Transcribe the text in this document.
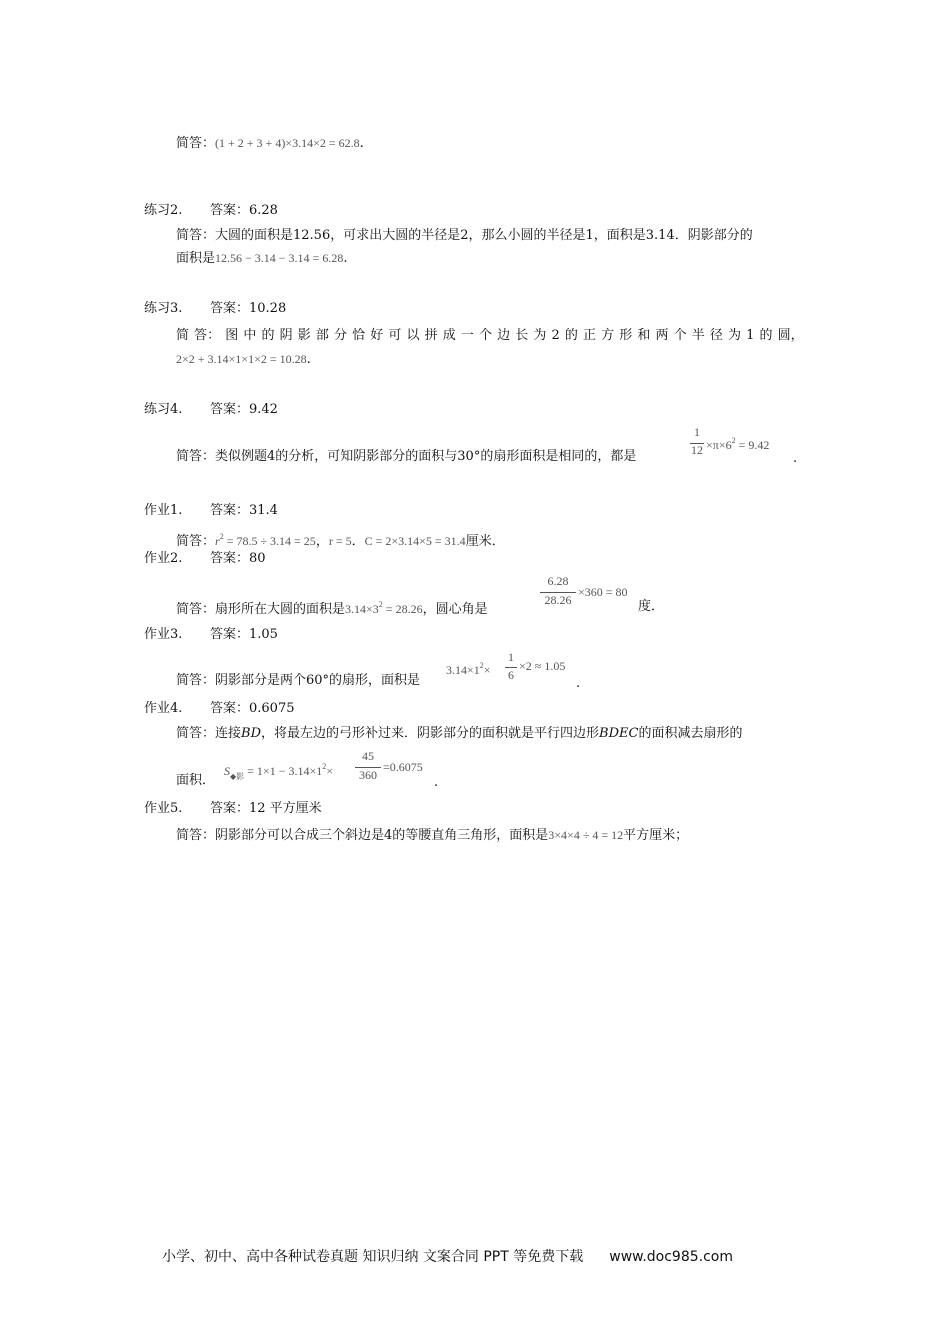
简答：(1 + 2 + 3 + 4)×3.14×2 = 62.8.
练习2. 答案：6.28
简答：大圆的面积是12.56，可求出大圆的半径是2，那么小圆的半径是1，面积是3.14．阴影部分的
面积是12.56 − 3.14 − 3.14 = 6.28.
练习3. 答案：10.28
简 答： 图 中 的 阴 影 部 分 恰 好 可 以 拼 成 一 个 边 长 为 2 的 正 方 形 和 两 个 半 径 为 1 的 圆，
2×2 + 3.14×1×1×2 = 10.28.
练习4. 答案：9.42
简答：类似例题4的分析，可知阴影部分的面积与30°的扇形面积是相同的，都是
1
$12 \times\pi\times 6^2 = 9.42$
.
作业1. 答案：31.4
简答：$r^2 = 78.5 \div 3.14 = 25$，r = 5．C = 2×3.14×5 = 31.4厘米．
作业2. 答案：80
简答：扇形所在大圆的面积是$3.14\times 3^2 = 28.26$，圆心角是
6.28
28.26
×360 = 80
度．
作业3. 答案：1.05
简答：阴影部分是两个60°的扇形，面积是
$3.14\times 1^2\times$
1
6
×2 ≈ 1.05
.
作业4. 答案：0.6075
简答：连接BD，将最左边的弓形补过来．阴影部分的面积就是平行四边形BDEC的面积减去扇形的
面积．
$S_{◆影} = 1\times 1 - 3.14\times 1^2\times$
45
360
=0.6075
.
作业5. 答案：12 平方厘米
简答：阴影部分可以合成三个斜边是4的等腰直角三角形，面积是3×4×4 ÷ 4 = 12平方厘米；
小学、初中、高中各种试卷真题 知识归纳 文案合同 PPT 等免费下载 www.doc985.com
